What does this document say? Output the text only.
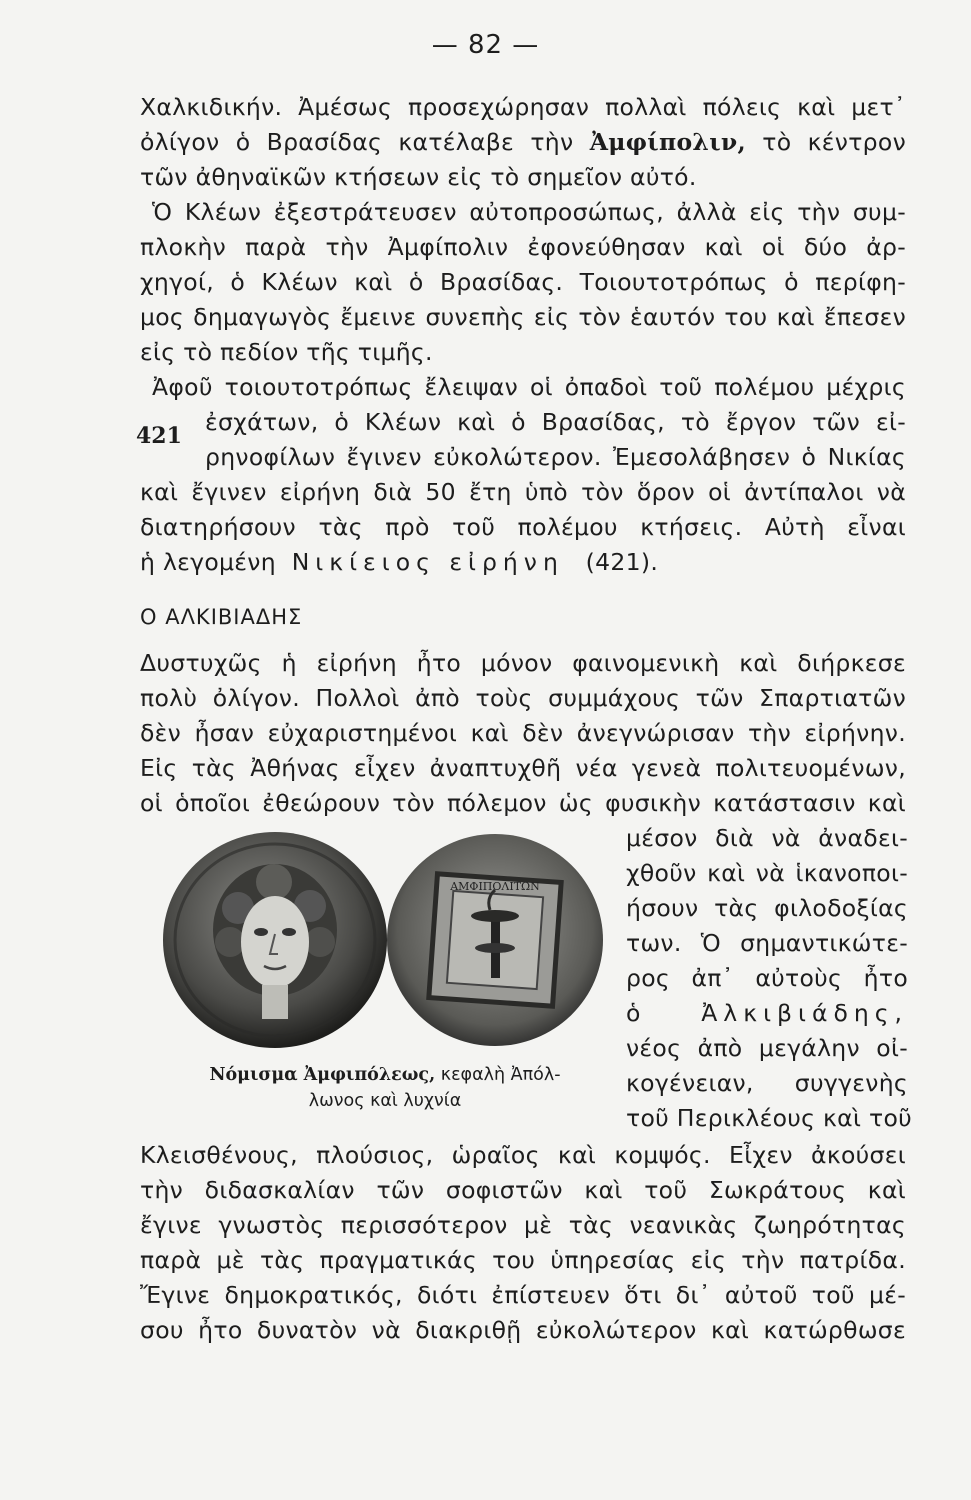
— 82 —
Χαλκιδικήν. Ἀμέσως προσεχώρησαν πολλαὶ πόλεις καὶ μετ᾽
ὀλίγον ὁ Βρασίδας κατέλαβε τὴν Ἀμφίπολιν, τὸ κέντρον
τῶν ἀθηναϊκῶν κτήσεων εἰς τὸ σημεῖον αὐτό.
Ὁ Κλέων ἐξεστράτευσεν αὐτοπροσώπως, ἀλλὰ εἰς τὴν συμ-
πλοκὴν παρὰ τὴν Ἀμφίπολιν ἐφονεύθησαν καὶ οἱ δύο ἀρ-
χηγοί, ὁ Κλέων καὶ ὁ Βρασίδας. Τοιουτοτρόπως ὁ περίφη-
μος δημαγωγὸς ἔμεινε συνεπὴς εἰς τὸν ἑαυτόν του καὶ ἔπεσεν
εἰς τὸ πεδίον τῆς τιμῆς.
Ἀφοῦ τοιουτοτρόπως ἔλειψαν οἱ ὀπαδοὶ τοῦ πολέμου μέχρις
421 ἐσχάτων, ὁ Κλέων καὶ ὁ Βρασίδας, τὸ ἔργον τῶν εἰ-
ρηνοφίλων ἔγινεν εὐκολώτερον. Ἐμεσολάβησεν ὁ Νικίας
καὶ ἔγινεν εἰρήνη διὰ 50 ἔτη ὑπὸ τὸν ὅρον οἱ ἀντίπαλοι νὰ
διατηρήσουν τὰς πρὸ τοῦ πολέμου κτήσεις. Αὐτὴ εἶναι
ἡ λεγομένη Νικίειος εἰρήνη (421).
Ο ΑΛΚΙΒΙΑΔΗΣ
Δυστυχῶς ἡ εἰρήνη ἦτο μόνον φαινομενικὴ καὶ διήρκεσε
πολὺ ὀλίγον. Πολλοὶ ἀπὸ τοὺς συμμάχους τῶν Σπαρτιατῶν
δὲν ἦσαν εὐχαριστημένοι καὶ δὲν ἀνεγνώρισαν τὴν εἰρήνην.
Εἰς τὰς Ἀθήνας εἶχεν ἀναπτυχθῆ νέα γενεὰ πολιτευομένων,
οἱ ὁποῖοι ἐθεώρουν τὸν πόλεμον ὡς φυσικὴν κατάστασιν καὶ
μέσον διὰ νὰ ἀναδει-
χθοῦν καὶ νὰ ἱκανοποι-
ήσουν τὰς φιλοδοξίας
των. Ὁ σημαντικώτε-
ρος ἀπ᾽ αὐτοὺς ἦτο
ὁ	Ἀλκιβιάδης,
νέος ἀπὸ μεγάλην οἰ-
κογένειαν, συγγενὴς
τοῦ Περικλέους καὶ τοῦ
ΑΜΦΙΠΟΛΙΤΩΝ
Νόμισμα Ἀμφιπόλεως, κεφαλὴ Ἀπόλ-
λωνος καὶ λυχνία
Κλεισθένους, πλούσιος, ὡραῖος καὶ κομψός. Εἶχεν ἀκούσει
τὴν διδασκαλίαν τῶν σοφιστῶν καὶ τοῦ Σωκράτους καὶ
ἔγινε γνωστὸς περισσότερον μὲ τὰς νεανικὰς ζωηρότητας
παρὰ μὲ τὰς πραγματικάς του ὑπηρεσίας εἰς τὴν πατρίδα.
Ἔγινε δημοκρατικός, διότι ἐπίστευεν ὅτι δι᾽ αὐτοῦ τοῦ μέ-
σου ἦτο δυνατὸν νὰ διακριθῇ εὐκολώτερον καὶ κατώρθωσε
